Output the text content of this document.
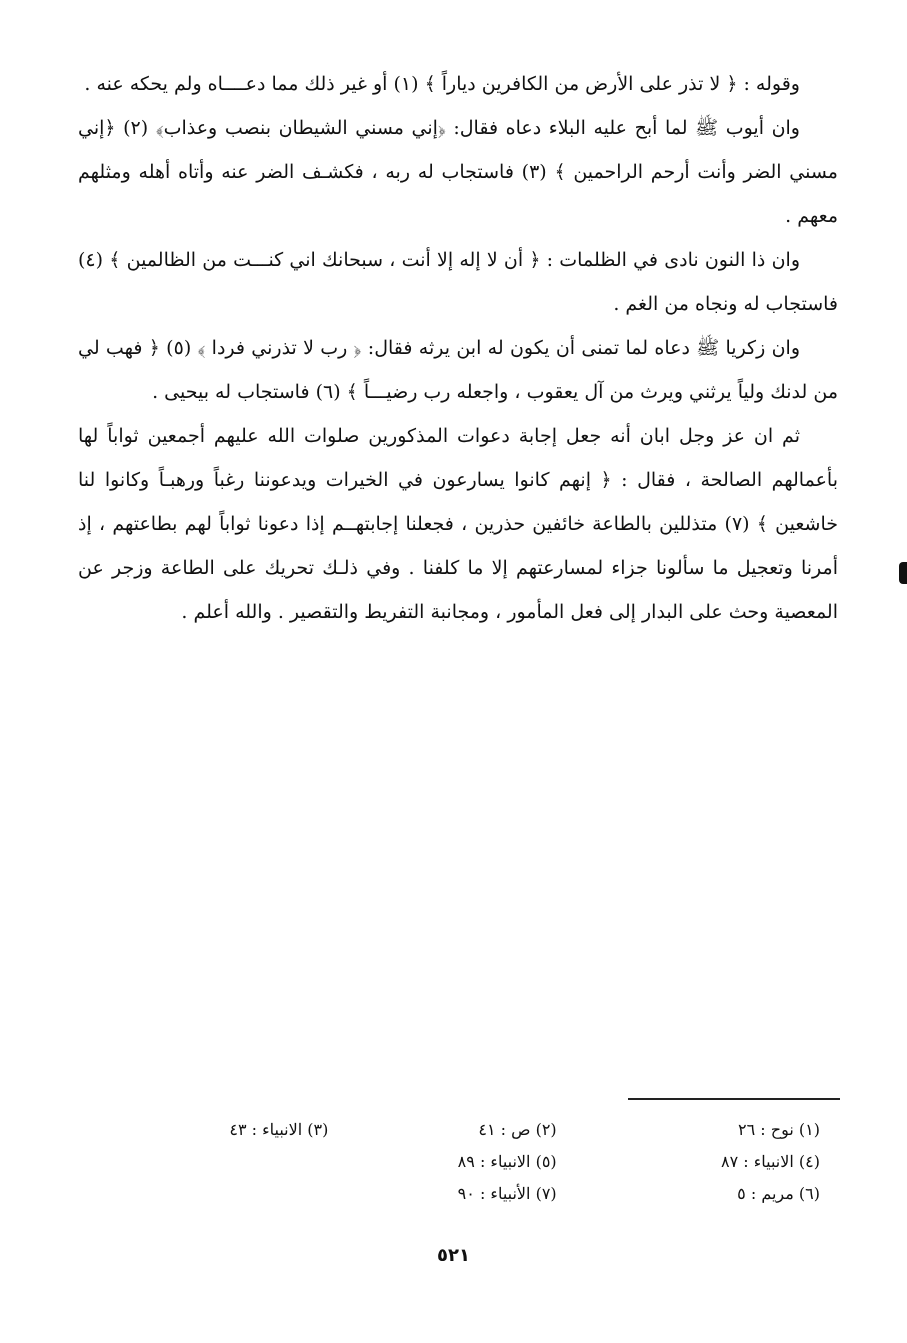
وقوله : ﴿ لا تذر على الأرض من الكافرين دياراً ﴾ (١) أو غير ذلك مما دعــــاه ولم يحكه عنه .

وان أيوب ﷺ لما أبح عليه البلاء دعاه فقال: ﴿إني مسني الشيطان بنصب وعذاب﴾ (٢) ﴿إني مسني الضر وأنت أرحم الراحمين ﴾ (٣) فاستجاب له ربه ، فكشـف الضر عنه وأتاه أهله ومثلهم معهم .

وان ذا النون نادى في الظلمات : ﴿ أن لا إله إلا أنت ، سبحانك اني كنـــت من الظالمين ﴾ (٤) فاستجاب له ونجاه من الغم .

وان زكريا ﷺ دعاه لما تمنى أن يكون له ابن يرثه فقال: ﴿ رب لا تذرني فردا ﴾ (٥) ﴿ فهب لي من لدنك ولياً يرثني ويرث من آل يعقوب ، واجعله رب رضيـــاً ﴾ (٦) فاستجاب له بيحيى .

ثم ان عز وجل ابان أنه جعل إجابة دعوات المذكورين صلوات الله عليهم أجمعين ثواباً لها بأعمالهم الصالحة ، فقال : ﴿ إنهم كانوا يسارعون في الخيرات ويدعوننا رغباً ورهبـاً وكانوا لنا خاشعين ﴾ (٧) متذللين بالطاعة خائفين حذرين ، فجعلنا إجابتهــم إذا دعونا ثواباً لهم بطاعتهم ، إذ أمرنا وتعجيل ما سألونا جزاء لمسارعتهم إلا ما كلفنا . وفي ذلـك تحريك على الطاعة وزجر عن المعصية وحث على البدار إلى فعل المأمور ، ومجانبة التفريط والتقصير . والله أعلم .

(١) نوح : ٢٦
(٢) ص : ٤١
(٣) الانبياء : ٤٣
(٤) الانبياء : ٨٧
(٥) الانبياء : ٨٩
(٦) مريم : ٥
(٧) الأنبياء : ٩٠
٥٢١
